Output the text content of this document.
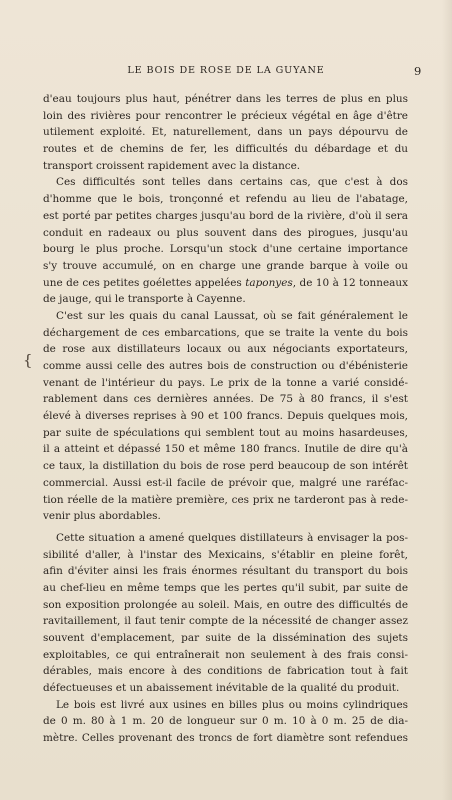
LE BOIS DE ROSE DE LA GUYANE	9
{
d'eau toujours plus haut, pénétrer dans les terres de plus en plus
loin des rivières pour rencontrer le précieux végétal en âge d'être
utilement exploité. Et, naturellement, dans un pays dépourvu de
routes et de chemins de fer, les difficultés du débardage et du
transport croissent rapidement avec la distance.
Ces difficultés sont telles dans certains cas, que c'est à dos
d'homme que le bois, tronçonné et refendu au lieu de l'abatage,
est porté par petites charges jusqu'au bord de la rivière, d'où il sera
conduit en radeaux ou plus souvent dans des pirogues, jusqu'au
bourg le plus proche. Lorsqu'un stock d'une certaine importance
s'y trouve accumulé, on en charge une grande barque à voile ou
une de ces petites goélettes appelées taponyes, de 10 à 12 tonneaux
de jauge, qui le transporte à Cayenne.
C'est sur les quais du canal Laussat, où se fait généralement le
déchargement de ces embarcations, que se traite la vente du bois
de rose aux distillateurs locaux ou aux négociants exportateurs,
comme aussi celle des autres bois de construction ou d'ébénisterie
venant de l'intérieur du pays. Le prix de la tonne a varié considé-
rablement dans ces dernières années. De 75 à 80 francs, il s'est
élevé à diverses reprises à 90 et 100 francs. Depuis quelques mois,
par suite de spéculations qui semblent tout au moins hasardeuses,
il a atteint et dépassé 150 et même 180 francs. Inutile de dire qu'à
ce taux, la distillation du bois de rose perd beaucoup de son intérêt
commercial. Aussi est-il facile de prévoir que, malgré une raréfac-
tion réelle de la matière première, ces prix ne tarderont pas à rede-
venir plus abordables.
Cette situation a amené quelques distillateurs à envisager la pos-
sibilité d'aller, à l'instar des Mexicains, s'établir en pleine forêt,
afin d'éviter ainsi les frais énormes résultant du transport du bois
au chef-lieu en même temps que les pertes qu'il subit, par suite de
son exposition prolongée au soleil. Mais, en outre des difficultés de
ravitaillement, il faut tenir compte de la nécessité de changer assez
souvent d'emplacement, par suite de la dissémination des sujets
exploitables, ce qui entraînerait non seulement à des frais consi-
dérables, mais encore à des conditions de fabrication tout à fait
défectueuses et un abaissement inévitable de la qualité du produit.
Le bois est livré aux usines en billes plus ou moins cylindriques
de 0 m. 80 à 1 m. 20 de longueur sur 0 m. 10 à 0 m. 25 de dia-
mètre. Celles provenant des troncs de fort diamètre sont refendues
